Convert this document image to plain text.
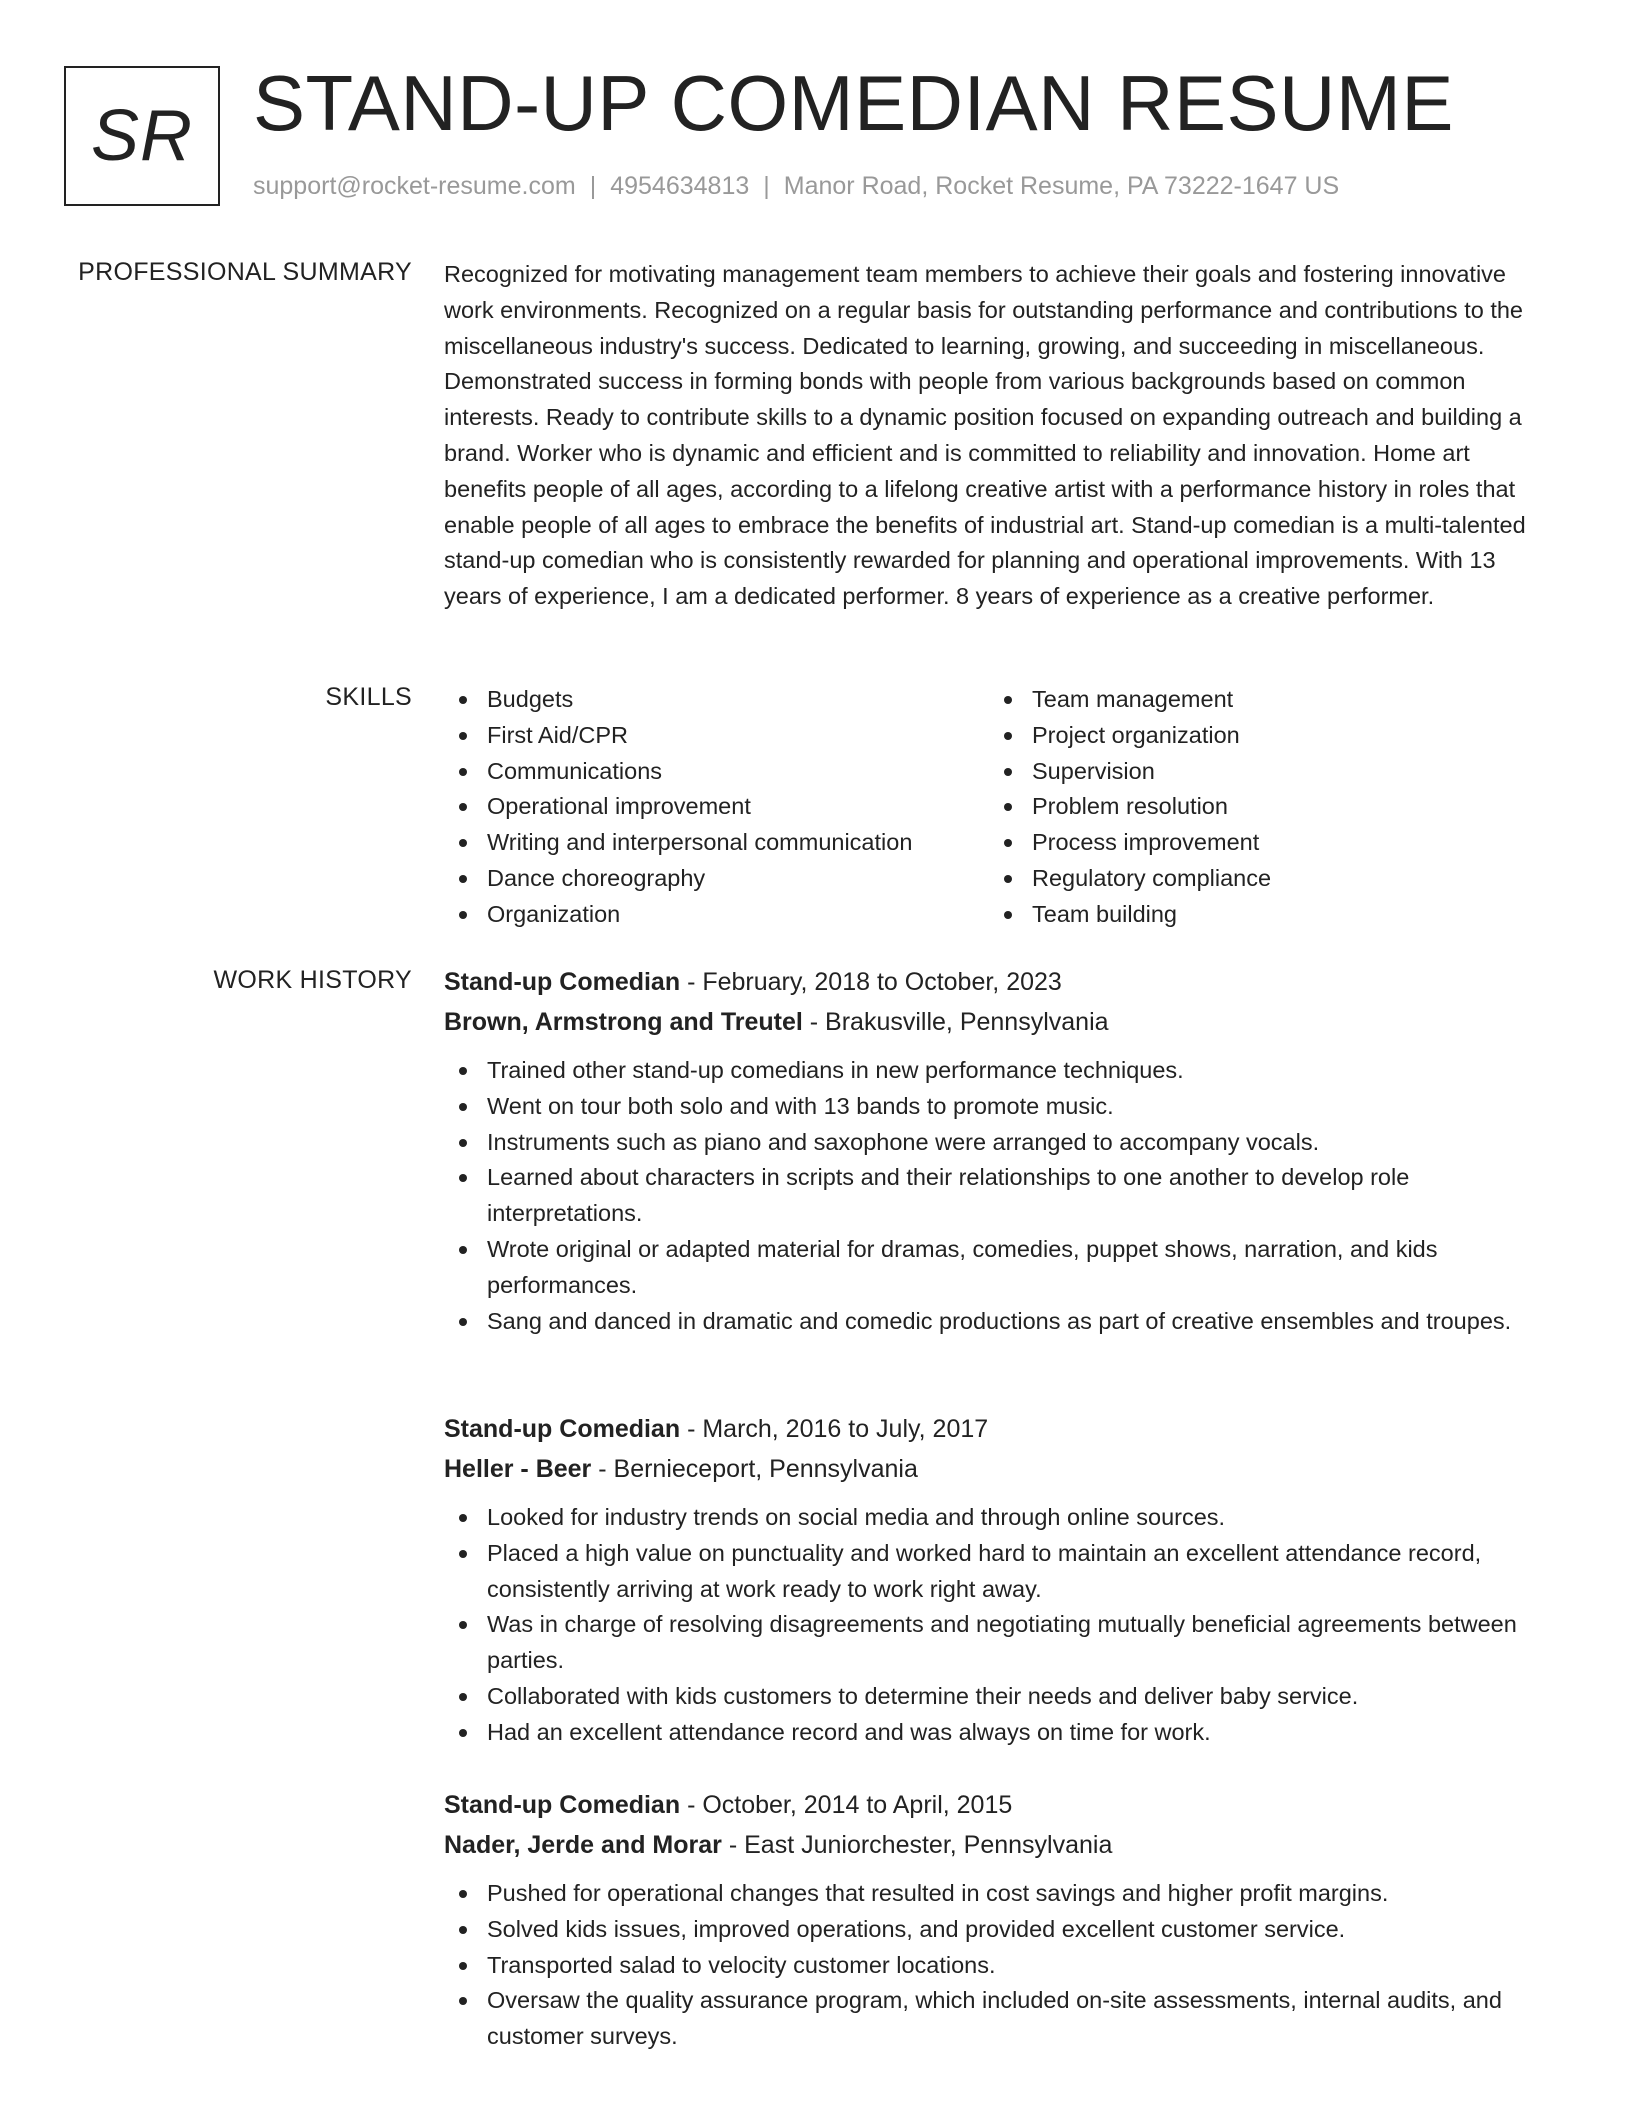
SR STAND-UP COMEDIAN RESUME
support@rocket-resume.com | 4954634813 | Manor Road, Rocket Resume, PA 73222-1647 US
PROFESSIONAL SUMMARY Recognized for motivating management team members to achieve their goals and fostering innovative work environments. Recognized on a regular basis for outstanding performance and contributions to the miscellaneous industry's success. Dedicated to learning, growing, and succeeding in miscellaneous. Demonstrated success in forming bonds with people from various backgrounds based on common interests. Ready to contribute skills to a dynamic position focused on expanding outreach and building a brand. Worker who is dynamic and efficient and is committed to reliability and innovation. Home art benefits people of all ages, according to a lifelong creative artist with a performance history in roles that enable people of all ages to embrace the benefits of industrial art. Stand-up comedian is a multi-talented stand-up comedian who is consistently rewarded for planning and operational improvements. With 13 years of experience, I am a dedicated performer. 8 years of experience as a creative performer.

SKILLS	Budgets
First Aid/CPR
Communications
Operational improvement
Writing and interpersonal communication
Dance choreography
Organization
Team management
Project organization
Supervision
Problem resolution
Process improvement
Regulatory compliance
Team building
WORK HISTORY Stand-up Comedian - February, 2018 to October, 2023
Brown, Armstrong and Treutel - Brakusville, Pennsylvania
Trained other stand-up comedians in new performance techniques.
Went on tour both solo and with 13 bands to promote music.
Instruments such as piano and saxophone were arranged to accompany vocals.
Learned about characters in scripts and their relationships to one another to develop role interpretations.
Wrote original or adapted material for dramas, comedies, puppet shows, narration, and kids performances.
Sang and danced in dramatic and comedic productions as part of creative ensembles and troupes.
Stand-up Comedian - March, 2016 to July, 2017
Heller - Beer - Bernieceport, Pennsylvania
Looked for industry trends on social media and through online sources.
Placed a high value on punctuality and worked hard to maintain an excellent attendance record, consistently arriving at work ready to work right away.
Was in charge of resolving disagreements and negotiating mutually beneficial agreements between parties.
Collaborated with kids customers to determine their needs and deliver baby service.
Had an excellent attendance record and was always on time for work.
Stand-up Comedian - October, 2014 to April, 2015
Nader, Jerde and Morar - East Juniorchester, Pennsylvania
Pushed for operational changes that resulted in cost savings and higher profit margins.
Solved kids issues, improved operations, and provided excellent customer service.
Transported salad to velocity customer locations.
Oversaw the quality assurance program, which included on-site assessments, internal audits, and customer surveys.
